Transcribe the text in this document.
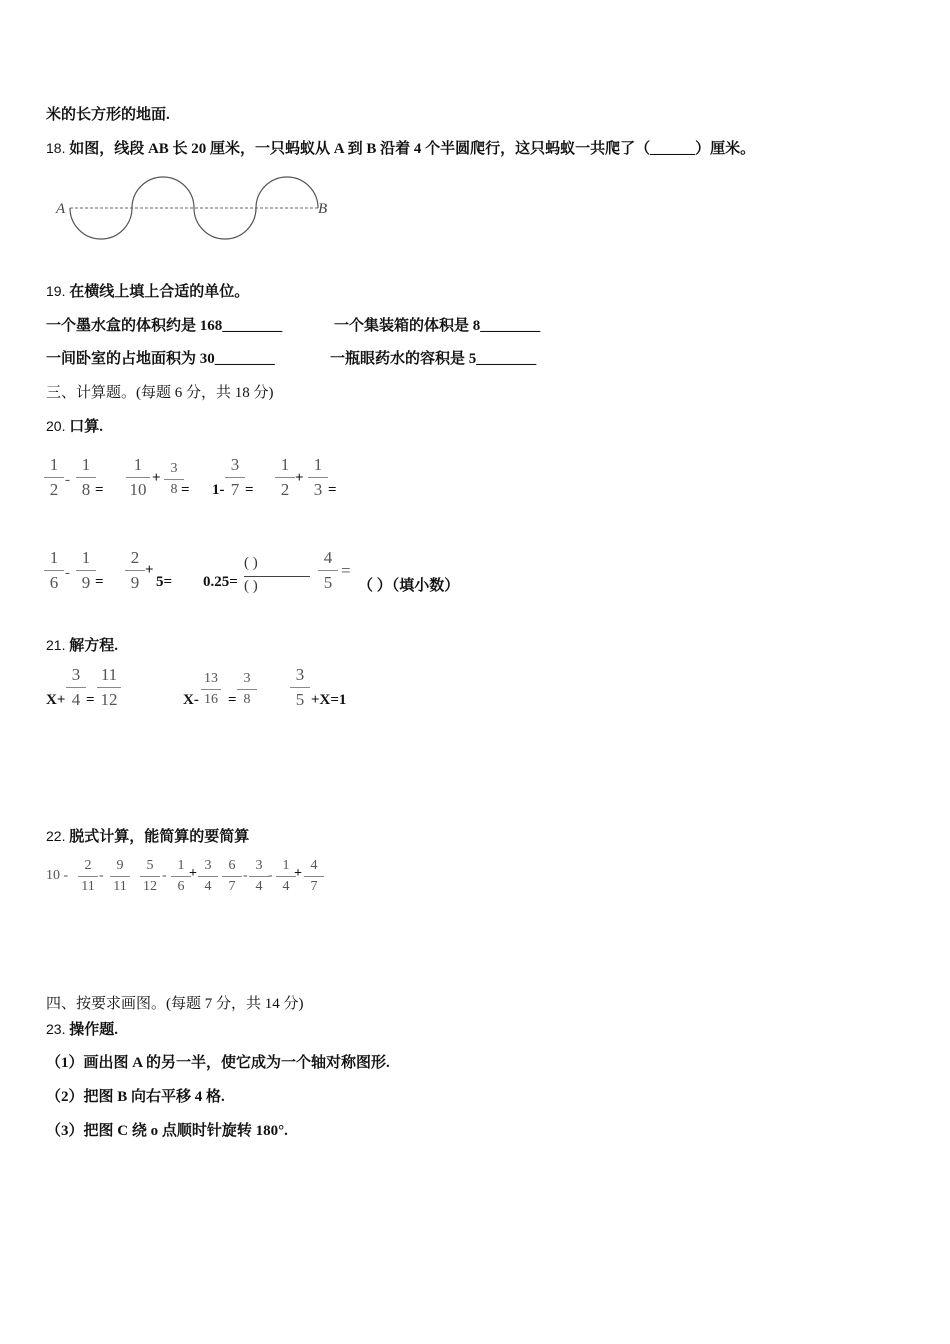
米的长方形的地面.
18. 如图，线段 AB 长 20 厘米，一只蚂蚁从 A 到 B 沿着 4 个半圆爬行，这只蚂蚁一共爬了（______）厘米。
A	B
19. 在横线上填上合适的单位。
一个墨水盒的体积约是 168________	一个集装箱的体积是 8________
一间卧室的占地面积为 30________	一瓶眼药水的容积是 5________
三、计算题。(每题 6 分，共 18 分)
20. 口算.
1
2 -
1
8 =
1
10
+
3
8 = 1-
3
7 =
1
2
+
1
3 =
1
6 -
1
9 =
2
9
+
5= 0.25=
( )
( )
4
5
=
（ ）（填小数）
21. 解方程.
X+
3
4 =
11
12	X-
13
16 =
3
8
3
5 +X=1
22. 脱式计算，能简算的要简算
10 -
2
11
-
9
11
5
12
-
1
6
+
3
4
6
7
-
3
4
-
1
4
+
4
7
四、按要求画图。(每题 7 分，共 14 分)
23. 操作题.
（1）画出图 A 的另一半，使它成为一个轴对称图形.
（2）把图 B 向右平移 4 格.
（3）把图 C 绕 o 点顺时针旋转 180°.
